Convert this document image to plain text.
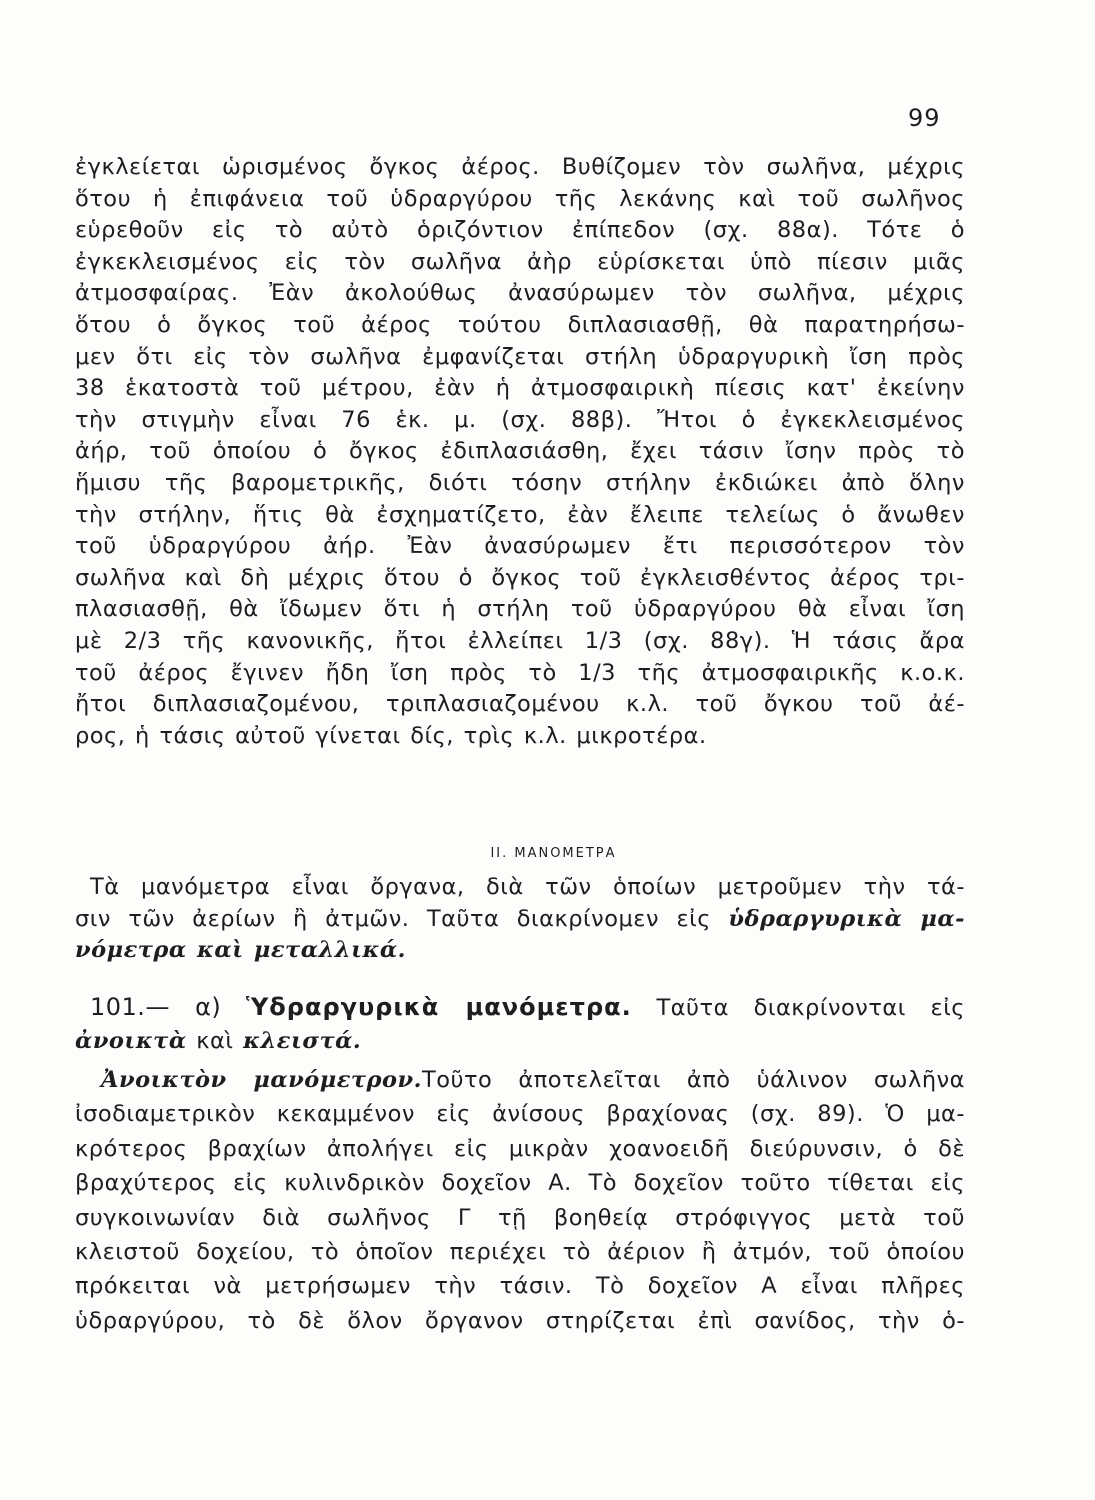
99
ἐγκλείεται ὡρισμένος ὄγκος ἀέρος. Βυθίζομεν τὸν σωλῆνα, μέχρις
ὅτου ἡ ἐπιφάνεια τοῦ ὑδραργύρου τῆς λεκάνης καὶ τοῦ σωλῆνος
εὑρεθοῦν εἰς τὸ αὐτὸ ὁριζόντιον ἐπίπεδον (σχ. 88α). Τότε ὁ
ἐγκεκλεισμένος εἰς τὸν σωλῆνα ἀὴρ εὑρίσκεται ὑπὸ πίεσιν μιᾶς
ἀτμοσφαίρας. Ἐὰν ἀκολούθως ἀνασύρωμεν τὸν σωλῆνα, μέχρις
ὅτου ὁ ὄγκος τοῦ ἀέρος τούτου διπλασιασθῇ, θὰ παρατηρήσω-
μεν ὅτι εἰς τὸν σωλῆνα ἐμφανίζεται στήλη ὑδραργυρικὴ ἴση πρὸς
38 ἑκατοστὰ τοῦ μέτρου, ἐὰν ἡ ἀτμοσφαιρικὴ πίεσις κατ' ἐκείνην
τὴν στιγμὴν εἶναι 76 ἑκ. μ. (σχ. 88β). Ἤτοι ὁ ἐγκεκλεισμένος
ἀήρ, τοῦ ὁποίου ὁ ὄγκος ἐδιπλασιάσθη, ἔχει τάσιν ἴσην πρὸς τὸ
ἥμισυ τῆς βαρομετρικῆς, διότι τόσην στήλην ἐκδιώκει ἀπὸ ὅλην
τὴν στήλην, ἥτις θὰ ἐσχηματίζετο, ἐὰν ἔλειπε τελείως ὁ ἄνωθεν
τοῦ ὑδραργύρου ἀήρ. Ἐὰν ἀνασύρωμεν ἔτι περισσότερον τὸν
σωλῆνα καὶ δὴ μέχρις ὅτου ὁ ὄγκος τοῦ ἐγκλεισθέντος ἀέρος τρι-
πλασιασθῇ, θὰ ἴδωμεν ὅτι ἡ στήλη τοῦ ὑδραργύρου θὰ εἶναι ἴση
μὲ 2/3 τῆς κανονικῆς, ἤτοι ἐλλείπει 1/3 (σχ. 88γ). Ἡ τάσις ἄρα
τοῦ ἀέρος ἔγινεν ἤδη ἴση πρὸς τὸ 1/3 τῆς ἀτμοσφαιρικῆς κ.ο.κ.
ἤτοι διπλασιαζομένου, τριπλασιαζομένου κ.λ. τοῦ ὄγκου τοῦ ἀέ-
ρος, ἡ τάσις αὐτοῦ γίνεται δίς, τρὶς κ.λ. μικροτέρα.
II. ΜΑΝΟΜΕΤΡΑ
Τὰ μανόμετρα εἶναι ὄργανα, διὰ τῶν ὁποίων μετροῦμεν τὴν τά-
σιν τῶν ἀερίων ἢ ἀτμῶν. Ταῦτα διακρίνομεν εἰς ὑδραργυρικὰ μα-
νόμετρα καὶ μεταλλικά.
101.— α) Ὑδραργυρικὰ μανόμετρα. Ταῦτα διακρίνονται εἰς
ἀνοικτὰ καὶ κλειστά.
Ἀνοικτὸν μανόμετρον.Τοῦτο ἀποτελεῖται ἀπὸ ὑάλινον σωλῆνα
ἰσοδιαμετρικὸν κεκαμμένον εἰς ἀνίσους βραχίονας (σχ. 89). Ὁ μα-
κρότερος βραχίων ἀπολήγει εἰς μικρὰν χοανοειδῆ διεύρυνσιν, ὁ δὲ
βραχύτερος εἰς κυλινδρικὸν δοχεῖον Α. Τὸ δοχεῖον τοῦτο τίθεται εἰς
συγκοινωνίαν διὰ σωλῆνος Γ τῇ βοηθείᾳ στρόφιγγος μετὰ τοῦ
κλειστοῦ δοχείου, τὸ ὁποῖον περιέχει τὸ ἀέριον ἢ ἀτμόν, τοῦ ὁποίου
πρόκειται νὰ μετρήσωμεν τὴν τάσιν. Τὸ δοχεῖον Α εἶναι πλῆρες
ὑδραργύρου, τὸ δὲ ὅλον ὄργανον στηρίζεται ἐπὶ σανίδος, τὴν ὁ-
